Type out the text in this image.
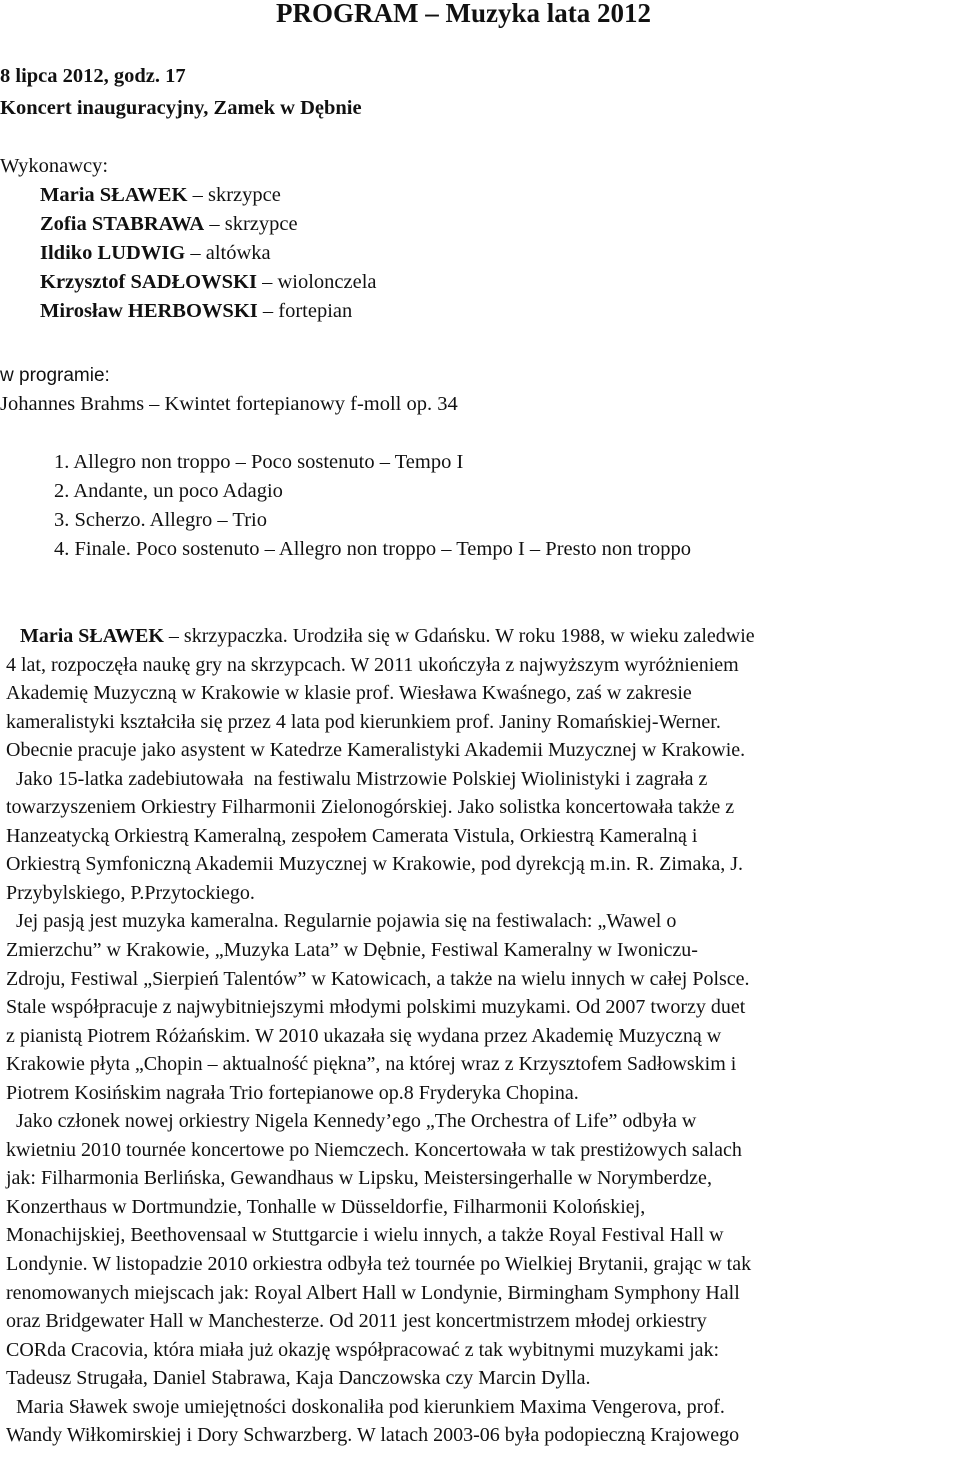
PROGRAM – Muzyka lata 2012
8 lipca 2012, godz. 17
Koncert inauguracyjny, Zamek w Dębnie
Wykonawcy:
Maria SŁAWEK – skrzypce
Zofia STABRAWA – skrzypce
Ildiko LUDWIG – altówka
Krzysztof SADŁOWSKI – wiolonczela
Mirosław HERBOWSKI – fortepian
w programie:
Johannes Brahms – Kwintet fortepianowy f-moll op. 34
1. Allegro non troppo – Poco sostenuto – Tempo I
2. Andante, un poco Adagio
3. Scherzo. Allegro – Trio
4. Finale. Poco sostenuto – Allegro non troppo – Tempo I – Presto non troppo

Maria SŁAWEK – skrzypaczka. Urodziła się w Gdańsku. W roku 1988, w wieku zaledwie

4 lat, rozpoczęła naukę gry na skrzypcach. W 2011 ukończyła z najwyższym wyróżnieniem

Akademię Muzyczną w Krakowie w klasie prof. Wiesława Kwaśnego, zaś w zakresie

kameralistyki kształciła się przez 4 lata pod kierunkiem prof. Janiny Romańskiej-Werner.

Obecnie pracuje jako asystent w Katedrze Kameralistyki Akademii Muzycznej w Krakowie.

Jako 15-latka zadebiutowała  na festiwalu Mistrzowie Polskiej Wiolinistyki i zagrała z

towarzyszeniem Orkiestry Filharmonii Zielonogórskiej. Jako solistka koncertowała także z

Hanzeatycką Orkiestrą Kameralną, zespołem Camerata Vistula, Orkiestrą Kameralną i

Orkiestrą Symfoniczną Akademii Muzycznej w Krakowie, pod dyrekcją m.in. R. Zimaka, J.

Przybylskiego, P.Przytockiego.

Jej pasją jest muzyka kameralna. Regularnie pojawia się na festiwalach: „Wawel o

Zmierzchu” w Krakowie, „Muzyka Lata” w Dębnie, Festiwal Kameralny w Iwoniczu-

Zdroju, Festiwal „Sierpień Talentów” w Katowicach, a także na wielu innych w całej Polsce.

Stale współpracuje z najwybitniejszymi młodymi polskimi muzykami. Od 2007 tworzy duet

z pianistą Piotrem Różańskim. W 2010 ukazała się wydana przez Akademię Muzyczną w

Krakowie płyta „Chopin – aktualność piękna”, na której wraz z Krzysztofem Sadłowskim i

Piotrem Kosińskim nagrała Trio fortepianowe op.8 Fryderyka Chopina.

Jako członek nowej orkiestry Nigela Kennedy’ego „The Orchestra of Life” odbyła w

kwietniu 2010 tournée koncertowe po Niemczech. Koncertowała w tak prestiżowych salach

jak: Filharmonia Berlińska, Gewandhaus w Lipsku, Meistersingerhalle w Norymberdze,

Konzerthaus w Dortmundzie, Tonhalle w Düsseldorfie, Filharmonii Kolońskiej,

Monachijskiej, Beethovensaal w Stuttgarcie i wielu innych, a także Royal Festival Hall w

Londynie. W listopadzie 2010 orkiestra odbyła też tournée po Wielkiej Brytanii, grając w tak

renomowanych miejscach jak: Royal Albert Hall w Londynie, Birmingham Symphony Hall

oraz Bridgewater Hall w Manchesterze. Od 2011 jest koncertmistrzem młodej orkiestry

CORda Cracovia, która miała już okazję współpracować z tak wybitnymi muzykami jak:

Tadeusz Strugała, Daniel Stabrawa, Kaja Danczowska czy Marcin Dylla.

Maria Sławek swoje umiejętności doskonaliła pod kierunkiem Maxima Vengerova, prof.

Wandy Wiłkomirskiej i Dory Schwarzberg. W latach 2003-06 była podopieczną Krajowego
